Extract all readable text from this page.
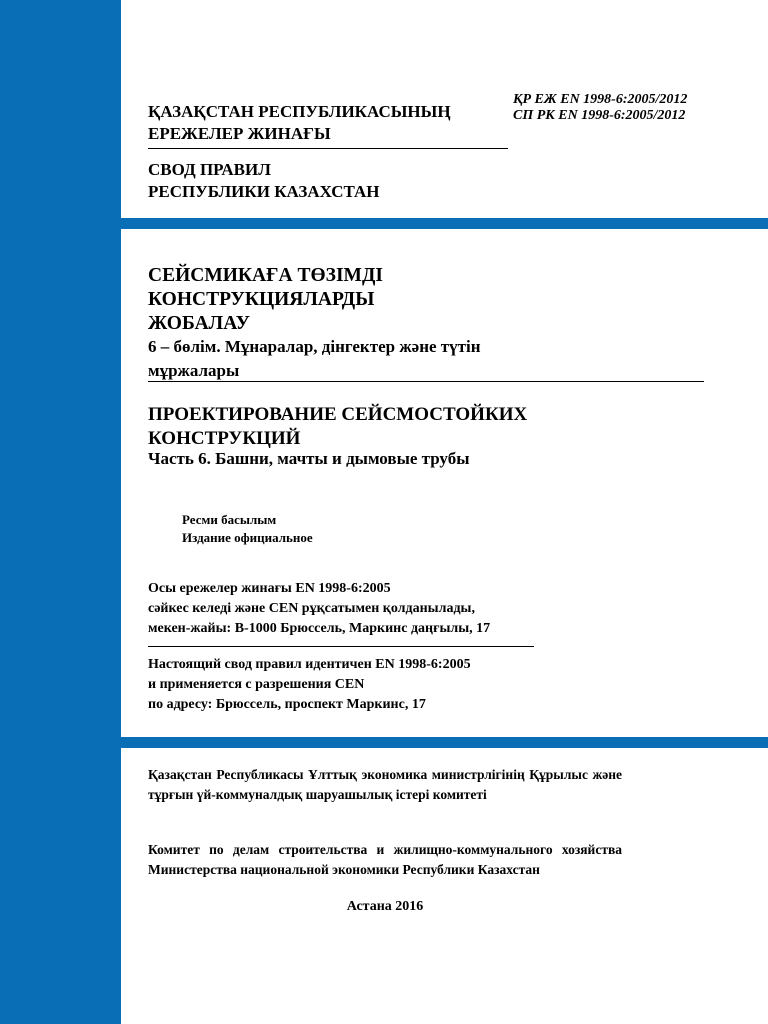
ҚАЗАҚСТАН РЕСПУБЛИКАСЫНЫҢ
ЕРЕЖЕЛЕР ЖИНАҒЫ
ҚР ЕЖ EN 1998-6:2005/2012
СП РК EN 1998-6:2005/2012
СВОД ПРАВИЛ
РЕСПУБЛИКИ КАЗАХСТАН
СЕЙСМИКАҒА ТӨЗІМДІ
КОНСТРУКЦИЯЛАРДЫ
ЖОБАЛАУ
6 – бөлім. Мұнаралар, дінгектер және түтін
мұржалары
ПРОЕКТИРОВАНИЕ СЕЙСМОСТОЙКИХ
КОНСТРУКЦИЙ
Часть 6. Башни, мачты и дымовые трубы
Ресми басылым
Издание официальное
Осы ережелер жинағы EN 1998-6:2005
сәйкес келеді және CEN рұқсатымен қолданылады,
мекен-жайы: В-1000 Брюссель, Маркинс даңғылы, 17
Настоящий свод правил идентичен EN 1998-6:2005
и применяется с разрешения CEN
по адресу: Брюссель, проспект Маркинс, 17
Қазақстан Республикасы Ұлттық экономика министрлігінің Құрылыс және тұрғын үй-коммуналдық шаруашылық істері комитеті
Комитет по делам строительства и жилищно-коммунального хозяйства Министерства национальной экономики Республики Казахстан
Астана 2016
